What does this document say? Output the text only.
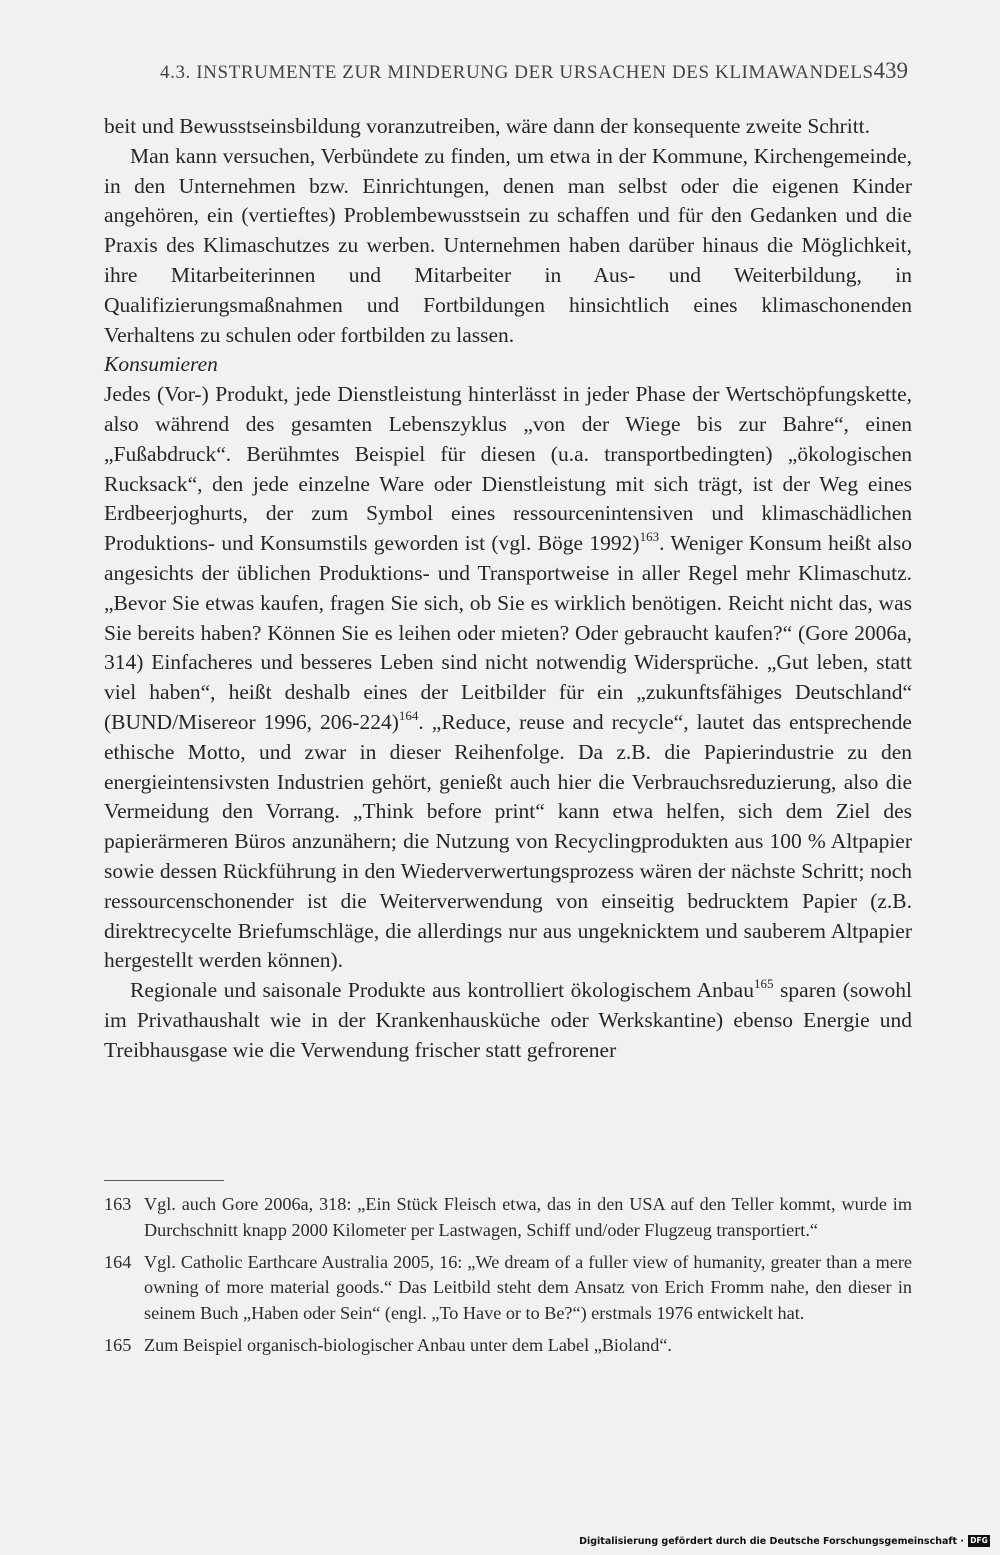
4.3. INSTRUMENTE ZUR MINDERUNG DER URSACHEN DES KLIMAWANDELS 439

beit und Bewusstseinsbildung voranzutreiben, wäre dann der konsequente zweite Schritt.

Man kann versuchen, Verbündete zu finden, um etwa in der Kommune, Kirchengemeinde, in den Unternehmen bzw. Einrichtungen, denen man selbst oder die eigenen Kinder angehören, ein (vertieftes) Problembewusstsein zu schaffen und für den Gedanken und die Praxis des Klimaschutzes zu werben. Unternehmen haben darüber hinaus die Möglichkeit, ihre Mitarbeiterinnen und Mitarbeiter in Aus- und Weiterbildung, in Qualifizierungsmaßnahmen und Fortbildungen hinsichtlich eines klimaschonenden Verhaltens zu schulen oder fortbilden zu lassen.

Konsumieren

Jedes (Vor-) Produkt, jede Dienstleistung hinterlässt in jeder Phase der Wertschöpfungskette, also während des gesamten Lebenszyklus „von der Wiege bis zur Bahre“, einen „Fußabdruck“. Berühmtes Beispiel für diesen (u.a. transportbedingten) „ökologischen Rucksack“, den jede einzelne Ware oder Dienstleistung mit sich trägt, ist der Weg eines Erdbeerjoghurts, der zum Symbol eines ressourcenintensiven und klimaschädlichen Produktions- und Konsumstils geworden ist (vgl. Böge 1992)$^{163}$. Weniger Konsum heißt also angesichts der üblichen Produktions- und Transportweise in aller Regel mehr Klimaschutz. „Bevor Sie etwas kaufen, fragen Sie sich, ob Sie es wirklich benötigen. Reicht nicht das, was Sie bereits haben? Können Sie es leihen oder mieten? Oder gebraucht kaufen?“ (Gore 2006a, 314) Einfacheres und besseres Leben sind nicht notwendig Widersprüche. „Gut leben, statt viel haben“, heißt deshalb eines der Leitbilder für ein „zukunftsfähiges Deutschland“ (BUND/Misereor 1996, 206-224)$^{164}$. „Reduce, reuse and recycle“, lautet das entsprechende ethische Motto, und zwar in dieser Reihenfolge. Da z.B. die Papierindustrie zu den energieintensivsten Industrien gehört, genießt auch hier die Verbrauchsreduzierung, also die Vermeidung den Vorrang. „Think before print“ kann etwa helfen, sich dem Ziel des papierärmeren Büros anzunähern; die Nutzung von Recyclingprodukten aus 100 % Altpapier sowie dessen Rückführung in den Wiederverwertungsprozess wären der nächste Schritt; noch ressourcenschonender ist die Weiterverwendung von einseitig bedrucktem Papier (z.B. direktrecycelte Briefumschläge, die allerdings nur aus ungeknicktem und sauberem Altpapier hergestellt werden können).

Regionale und saisonale Produkte aus kontrolliert ökologischem Anbau$^{165}$ sparen (sowohl im Privathaushalt wie in der Krankenhausküche oder Werkskantine) ebenso Energie und Treibhausgase wie die Verwendung frischer statt gefrorener

163 Vgl. auch Gore 2006a, 318: „Ein Stück Fleisch etwa, das in den USA auf den Teller kommt, wurde im Durchschnitt knapp 2000 Kilometer per Lastwagen, Schiff und/oder Flugzeug transportiert.“
164 Vgl. Catholic Earthcare Australia 2005, 16: „We dream of a fuller view of humanity, greater than a mere owning of more material goods.“ Das Leitbild steht dem Ansatz von Erich Fromm nahe, den dieser in seinem Buch „Haben oder Sein“ (engl. „To Have or to Be?“) erstmals 1976 entwickelt hat.
165 Zum Beispiel organisch-biologischer Anbau unter dem Label „Bioland“.
Digitalisierung gefördert durch die Deutsche Forschungsgemeinschaft · DFG
